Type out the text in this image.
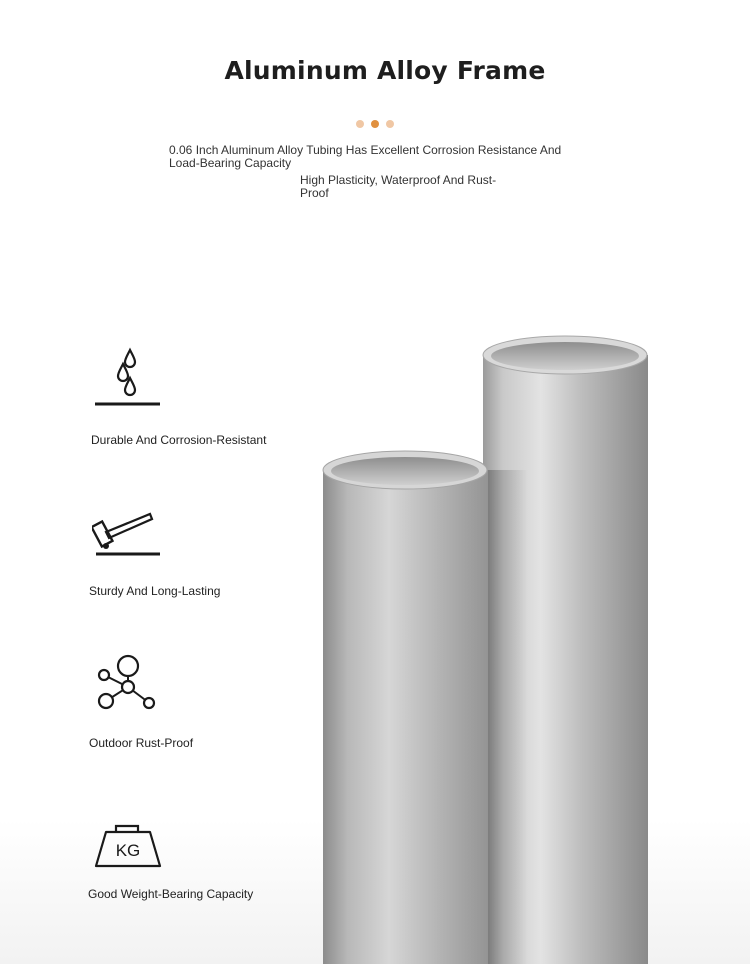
Aluminum Alloy Frame
0.06 Inch Aluminum Alloy Tubing Has Excellent Corrosion Resistance And Load-Bearing Capacity
High Plasticity, Waterproof And Rust-Proof
Durable And Corrosion-Resistant
Sturdy And Long-Lasting
Outdoor Rust-Proof
KG
Good Weight-Bearing Capacity
